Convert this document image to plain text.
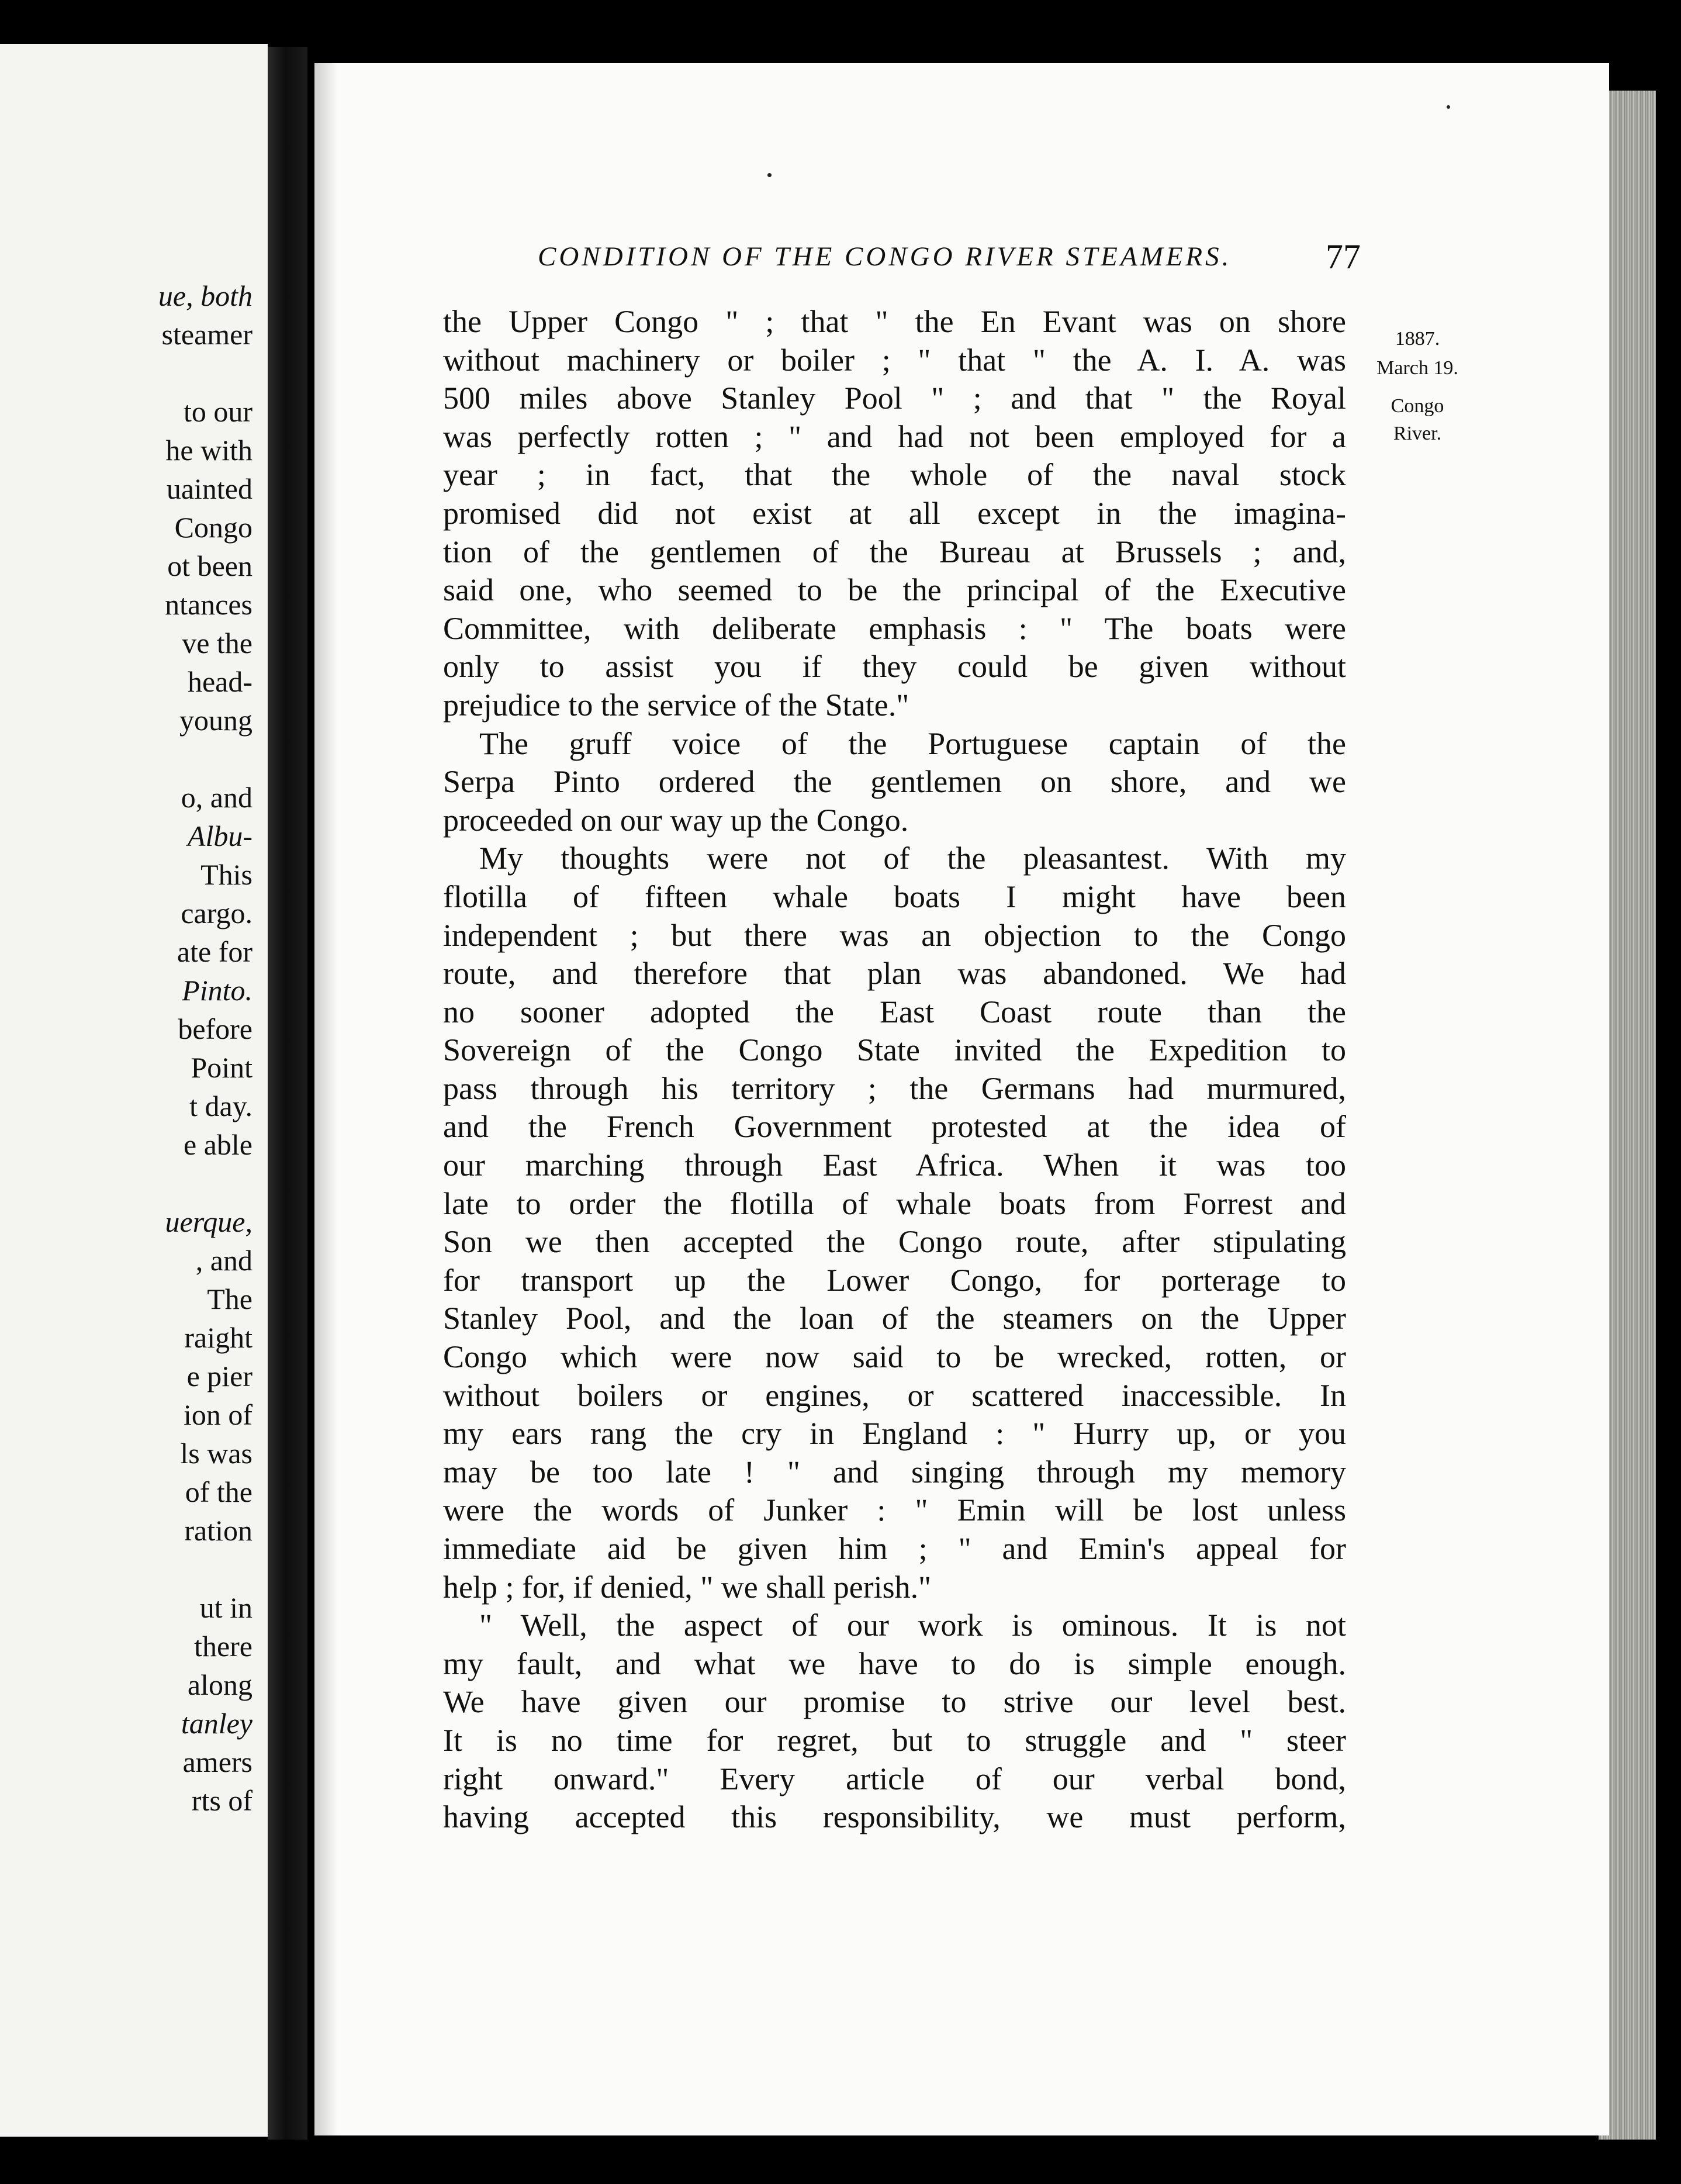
ue, both
steamer
to our
he with
uainted
Congo
ot been
ntances
ve the
head-
young
o, and
Albu-
This
cargo.
ate for
Pinto.
before
Point
t day.
e able
uerque,
, and
The
raight
e pier
ion of
ls was
of the
ration
ut in
there
along
tanley
amers
rts of
CONDITION OF THE CONGO RIVER STEAMERS.	77
1887.
March 19.
Congo
River.
the Upper Congo " ; that " the En Evant was on shore
without machinery or boiler ; " that " the A. I. A. was
500 miles above Stanley Pool " ; and that " the Royal
was perfectly rotten ; " and had not been employed for a
year ; in fact, that the whole of the naval stock
promised did not exist at all except in the imagina-
tion of the gentlemen of the Bureau at Brussels ; and,
said one, who seemed to be the principal of the Executive
Committee, with deliberate emphasis : " The boats were
only to assist you if they could be given without
prejudice to the service of the State."
The gruff voice of the Portuguese captain of the
Serpa Pinto ordered the gentlemen on shore, and we
proceeded on our way up the Congo.
My thoughts were not of the pleasantest. With my
flotilla of fifteen whale boats I might have been
independent ; but there was an objection to the Congo
route, and therefore that plan was abandoned. We had
no sooner adopted the East Coast route than the
Sovereign of the Congo State invited the Expedition to
pass through his territory ; the Germans had murmured,
and the French Government protested at the idea of
our marching through East Africa. When it was too
late to order the flotilla of whale boats from Forrest and
Son we then accepted the Congo route, after stipulating
for transport up the Lower Congo, for porterage to
Stanley Pool, and the loan of the steamers on the Upper
Congo which were now said to be wrecked, rotten, or
without boilers or engines, or scattered inaccessible. In
my ears rang the cry in England : " Hurry up, or you
may be too late ! " and singing through my memory
were the words of Junker : " Emin will be lost unless
immediate aid be given him ; " and Emin's appeal for
help ; for, if denied, " we shall perish."
" Well, the aspect of our work is ominous. It is not
my fault, and what we have to do is simple enough.
We have given our promise to strive our level best.
It is no time for regret, but to struggle and " steer
right onward." Every article of our verbal bond,
having accepted this responsibility, we must perform,
